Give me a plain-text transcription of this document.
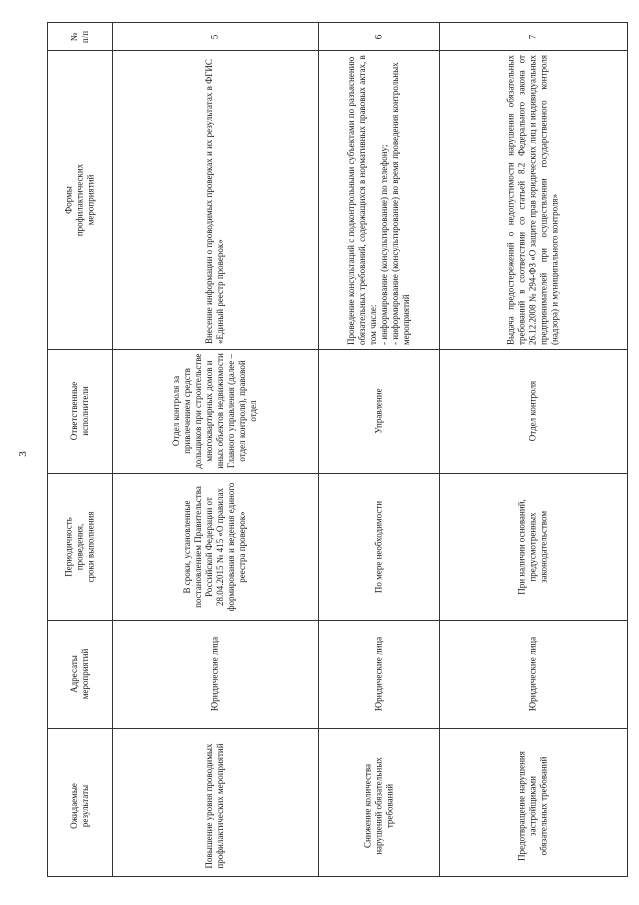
3
Ожидаемые
результаты
Адресаты
мероприятий
Периодичность
проведения,
сроки выполнения
Ответственные
исполнители
Формы
профилактических
мероприятий
№
п/п
Повышение уровня проводимых профилактических мероприятий
Юридические лица
В сроки, установленные постановлением Правительства Российской Федерации от 28.04.2015 № 415 «О правилах формирования и ведения единого реестра проверок»
Отдел контроля за привлечением средств дольщиков при строительстве многоквартирных домов и иных объектов недвижимости Главного управления (далее – отдел контроля), правовой отдел
Внесение информации о проводимых проверках и их результатах в ФГИС «Единый реестр проверок»
5
Снижение количества нарушений обязательных требований
Юридические лица
По мере необходимости
Управление
Проведение консультаций с подконтрольными субъектами по разъяснению обязательных требований, содержащихся в нормативных правовых актах, в том числе:
- информирование (консультирование) по телефону;
- информирование (консультирование) во время проведения контрольных мероприятий
6
Предотвращение нарушения застройщиками обязательных требований
Юридические лица
При наличии оснований, предусмотренных законодательством
Отдел контроля
Выдача предостережений о недопустимости нарушения обязательных требований в соответствии со статьей 8.2 Федерального закона от 26.12.2008 № 294-ФЗ «О защите прав юридических лиц и индивидуальных предпринимателей при осуществлении государственного контроля (надзора) и муниципального контроля»
7
